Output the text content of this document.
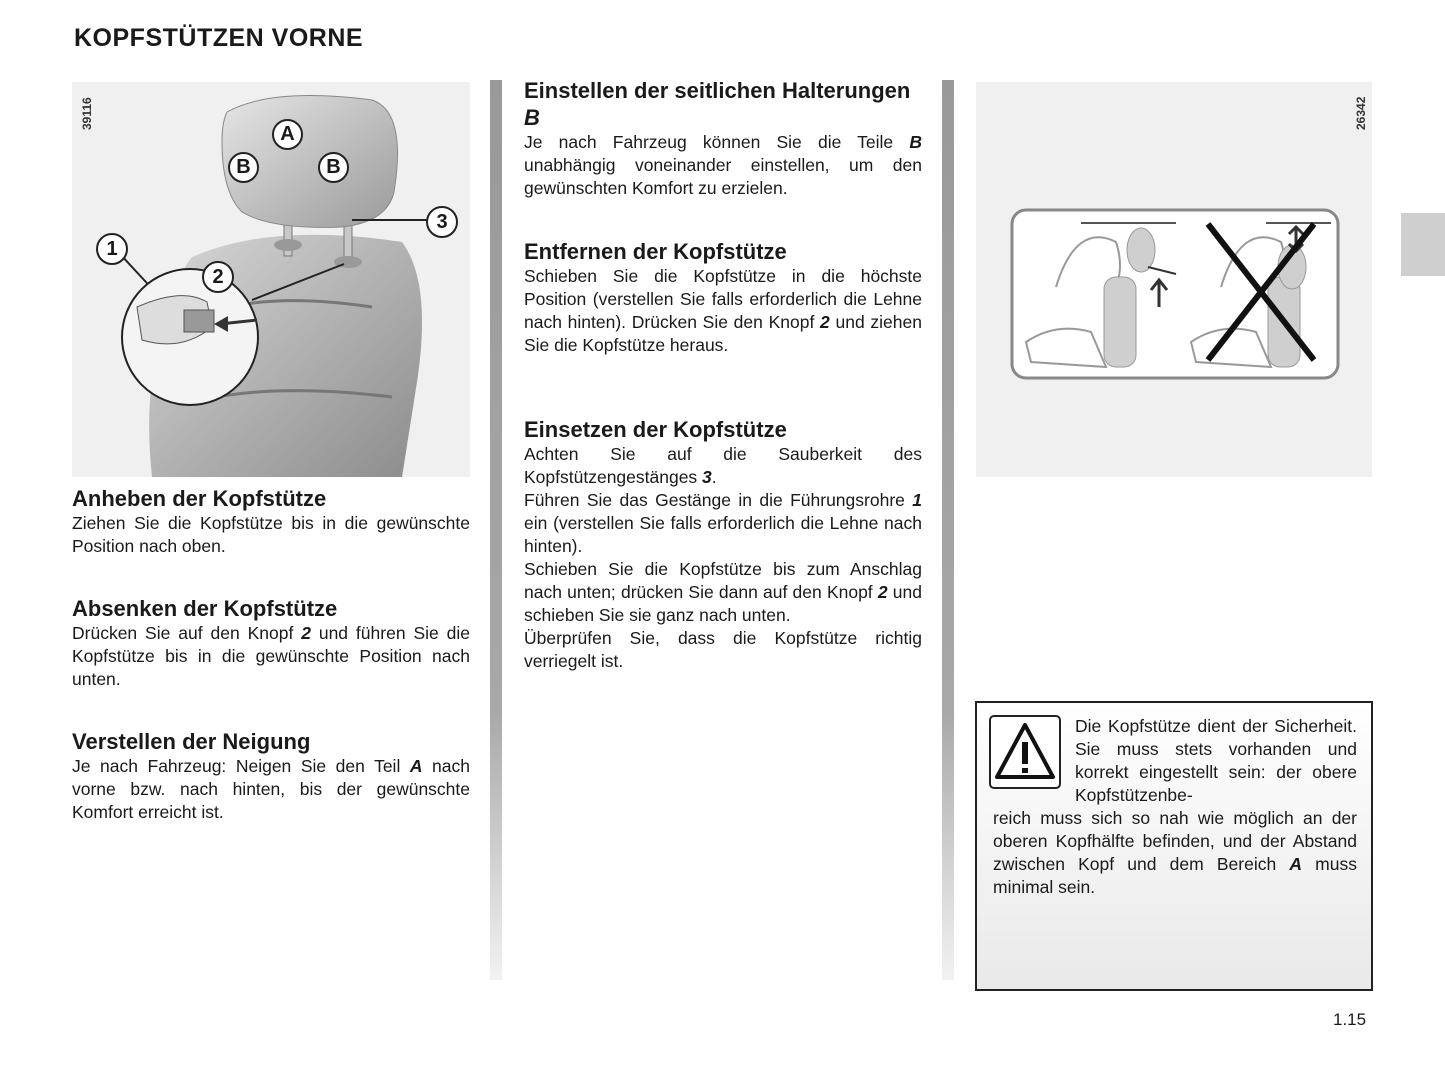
KOPFSTÜTZEN VORNE
39116
A
B	B
1
2
3
Anheben der Kopfstütze

Ziehen Sie die Kopfstütze bis in die gewünschte Position nach oben.

Absenken der Kopfstütze

Drücken Sie auf den Knopf 2 und führen Sie die Kopfstütze bis in die gewünschte Position nach unten.

Verstellen der Neigung

Je nach Fahrzeug: Neigen Sie den Teil A nach vorne bzw. nach hinten, bis der gewünschte Komfort erreicht ist.

Einstellen der seitlichen Halterungen B

Je nach Fahrzeug können Sie die Teile B unabhängig voneinander einstellen, um den gewünschten Komfort zu erzielen.

Entfernen der Kopfstütze

Schieben Sie die Kopfstütze in die höchste Position (verstellen Sie falls erforderlich die Lehne nach hinten). Drücken Sie den Knopf 2 und ziehen Sie die Kopfstütze heraus.

Einsetzen der Kopfstütze

Achten Sie auf die Sauberkeit des Kopfstützengestänges 3.

Führen Sie das Gestänge in die Führungsrohre 1 ein (verstellen Sie falls erforderlich die Lehne nach hinten).

Schieben Sie die Kopfstütze bis zum Anschlag nach unten; drücken Sie dann auf den Knopf 2 und schieben Sie sie ganz nach unten.

Überprüfen Sie, dass die Kopfstütze richtig verriegelt ist.

26342
Die Kopfstütze dient der Sicherheit. Sie muss stets vorhanden und korrekt eingestellt sein: der obere Kopfstützenbe-
reich muss sich so nah wie möglich an der oberen Kopfhälfte befinden, und der Abstand zwischen Kopf und dem Bereich A muss minimal sein.
1.15
